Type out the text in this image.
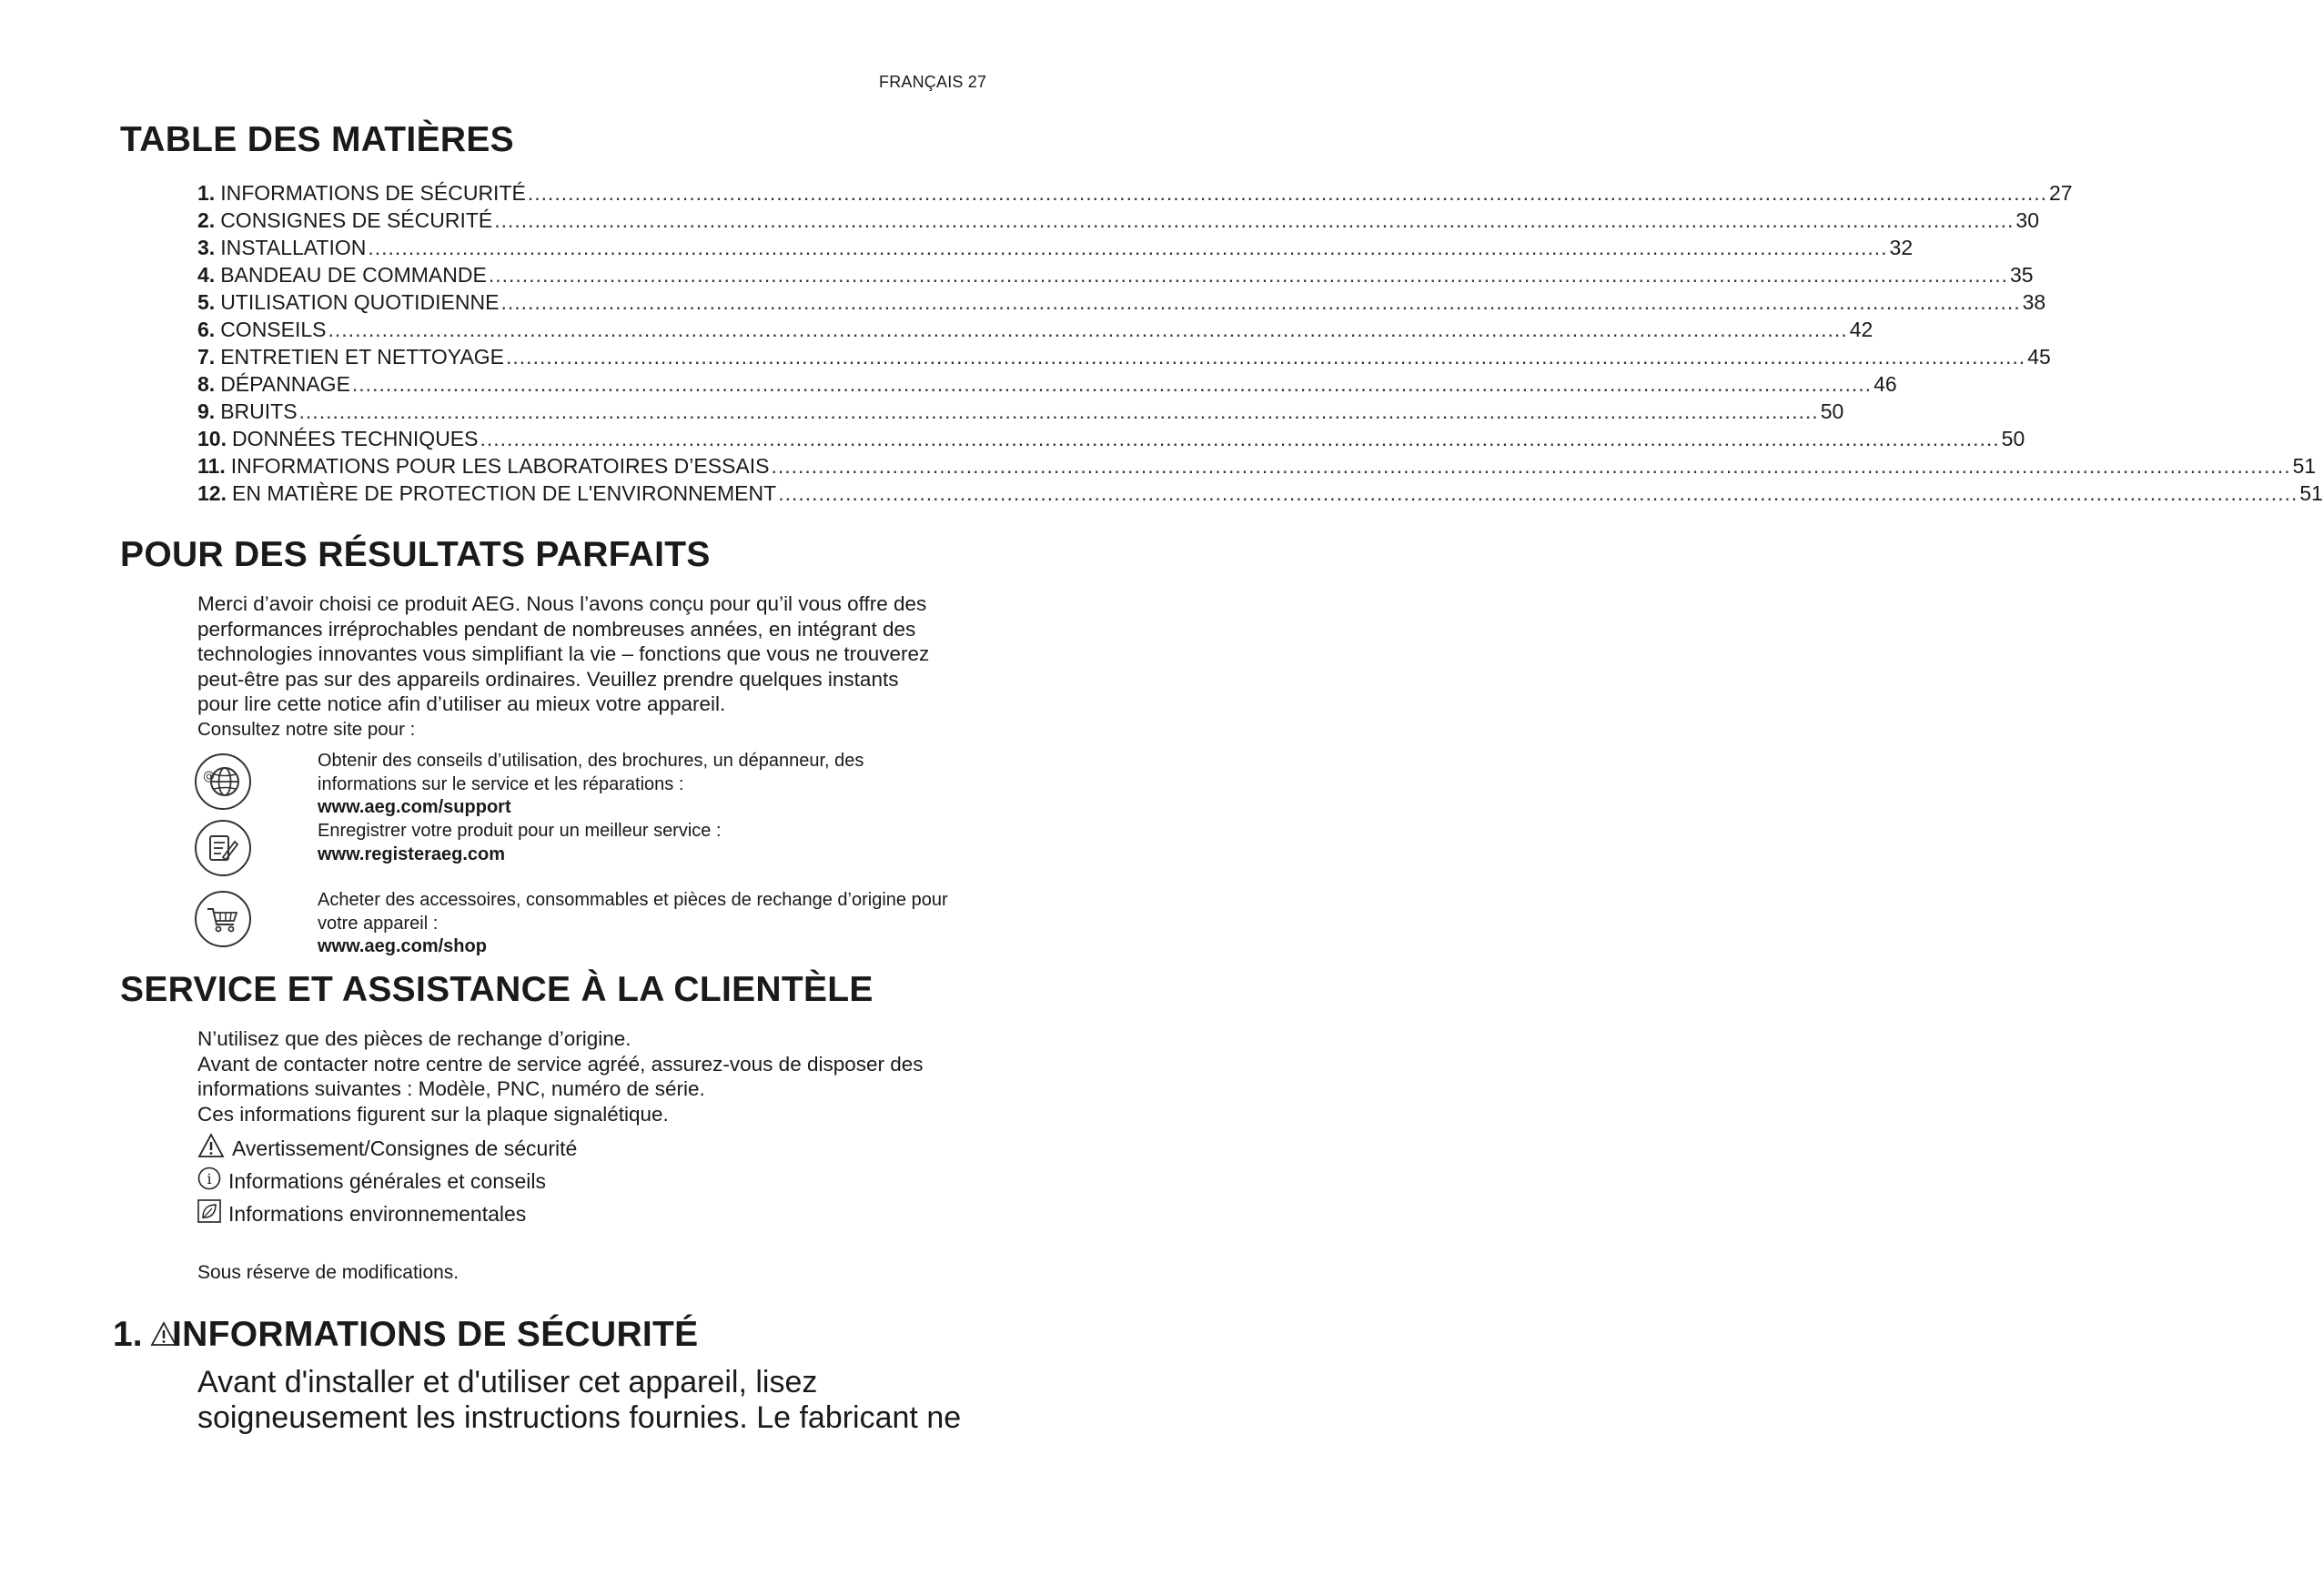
FRANÇAIS 27
TABLE DES MATIÈRES
1. INFORMATIONS DE SÉCURITÉ .....	27
2. CONSIGNES DE SÉCURITÉ .....	30
3. INSTALLATION .....	32
4. BANDEAU DE COMMANDE .....	35
5. UTILISATION QUOTIDIENNE .....	38
6. CONSEILS .....	42
7. ENTRETIEN ET NETTOYAGE .....	45
8. DÉPANNAGE .....	46
9. BRUITS .....	50
10. DONNÉES TECHNIQUES .....	50
11. INFORMATIONS POUR LES LABORATOIRES D’ESSAIS .....	51
12. EN MATIÈRE DE PROTECTION DE L'ENVIRONNEMENT .....	51
POUR DES RÉSULTATS PARFAITS
Merci d’avoir choisi ce produit AEG. Nous l’avons conçu pour qu’il vous offre des
performances irréprochables pendant de nombreuses années, en intégrant des
technologies innovantes vous simplifiant la vie – fonctions que vous ne trouverez
peut-être pas sur des appareils ordinaires. Veuillez prendre quelques instants
pour lire cette notice afin d’utiliser au mieux votre appareil.
Consultez notre site pour :
@
Obtenir des conseils d’utilisation, des brochures, un dépanneur, des
informations sur le service et les réparations :
www.aeg.com/support
Enregistrer votre produit pour un meilleur service :
www.registeraeg.com
Acheter des accessoires, consommables et pièces de rechange d’origine pour
votre appareil :
www.aeg.com/shop
SERVICE ET ASSISTANCE À LA CLIENTÈLE
N’utilisez que des pièces de rechange d’origine.
Avant de contacter notre centre de service agréé, assurez-vous de disposer des
informations suivantes : Modèle, PNC, numéro de série.
Ces informations figurent sur la plaque signalétique.
Avertissement/Consignes de sécurité
i Informations générales et conseils
Informations environnementales
Sous réserve de modifications.
1. INFORMATIONS DE SÉCURITÉ
Avant d'installer et d'utiliser cet appareil, lisez
soigneusement les instructions fournies. Le fabricant ne
